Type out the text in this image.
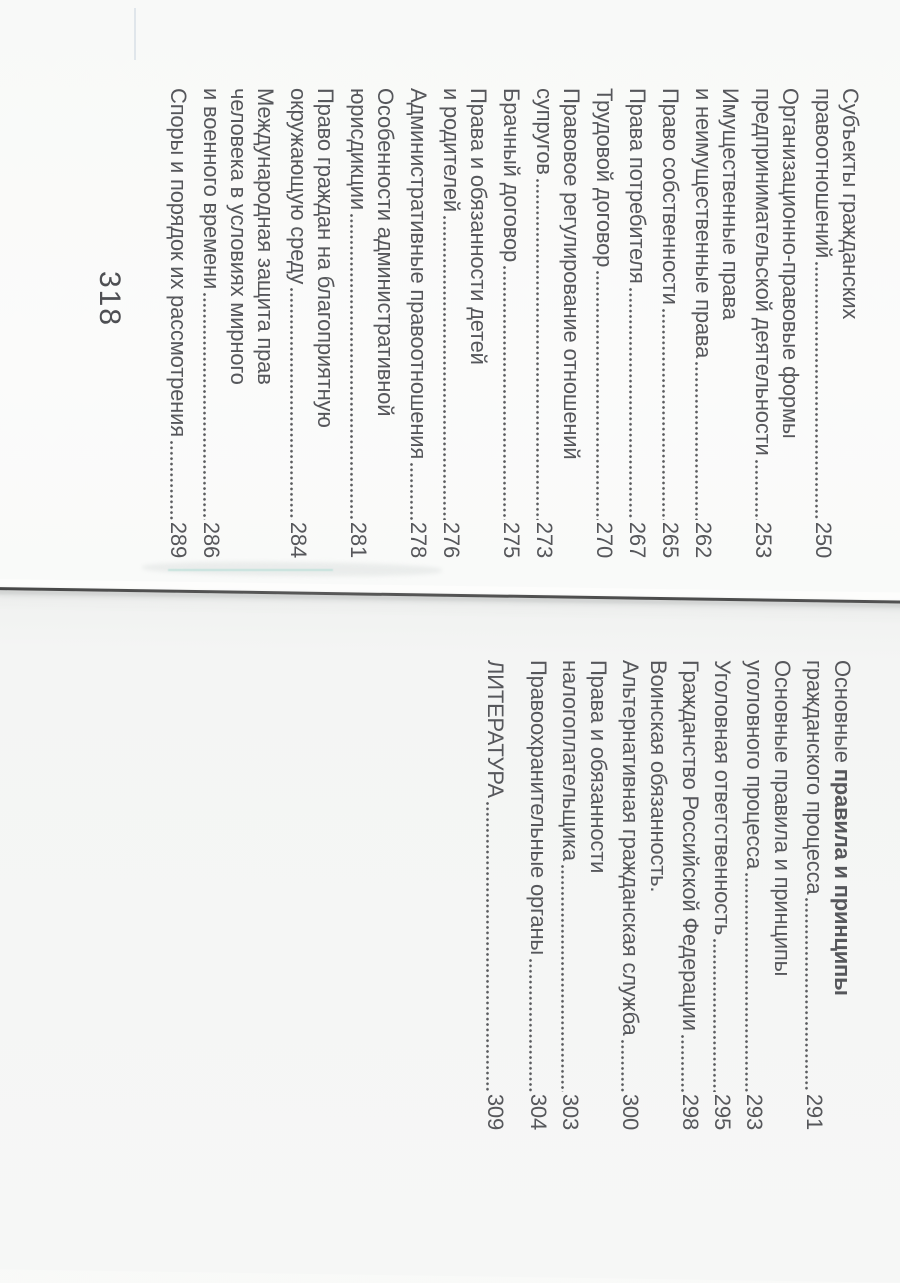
Субъекты гражданских
правоотношений
250
Организационно-правовые формы
предпринимательской деятельности
253
Имущественные права
и неимущественные права
262
Право собственности
265
Права потребителя
267
Трудовой договор
270
Правовое регулирование отношений
супругов
273
Брачный договор
275
Права и обязанности детей
и родителей
276
Административные правоотношения
278
Особенности административной
юрисдикции
281
Право граждан на благоприятную
окружающую среду
284
Международная защита прав
человека в условиях мирного
и военного времени
286
Споры и порядок их рассмотрения
289
Основные правила и принципы
гражданского процесса
291
Основные правила и принципы
уголовного процесса
293
Уголовная ответственность
295
Гражданство Российской Федерации
298
Воинская обязанность.
Альтернативная гражданская служба
300
Права и обязанности
налогоплательщика
303
Правоохранительные органы
304
ЛИТЕРАТУРА
309
318
